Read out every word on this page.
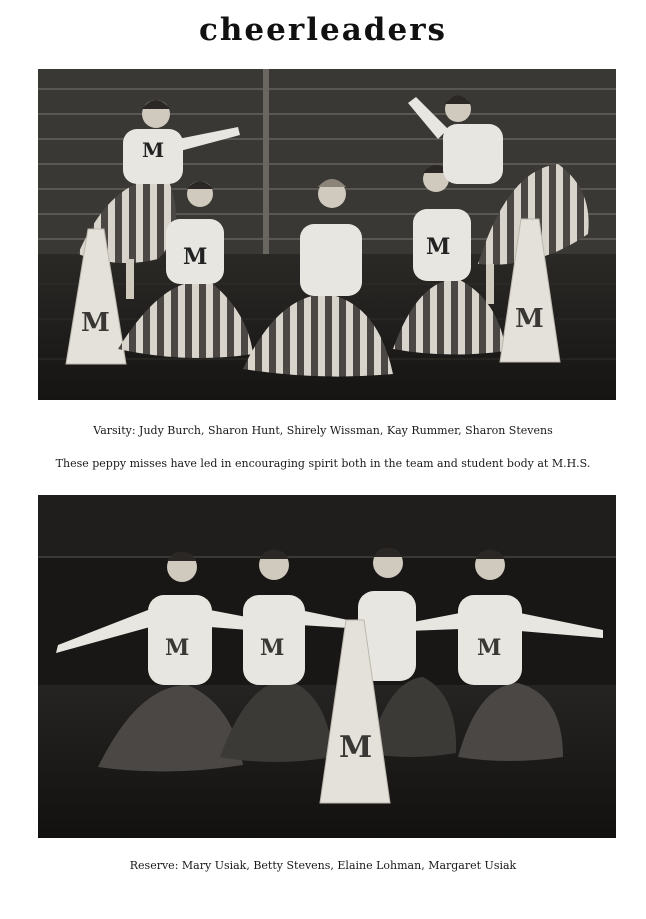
cheerleaders
M
M
M	M
M
Varsity: Judy Burch, Sharon Hunt, Shirely Wissman, Kay Rummer, Sharon Stevens
These peppy misses have led in encouraging spirit both in the team and student body at M.H.S.
M	M	M
M
Reserve: Mary Usiak, Betty Stevens, Elaine Lohman, Margaret Usiak
